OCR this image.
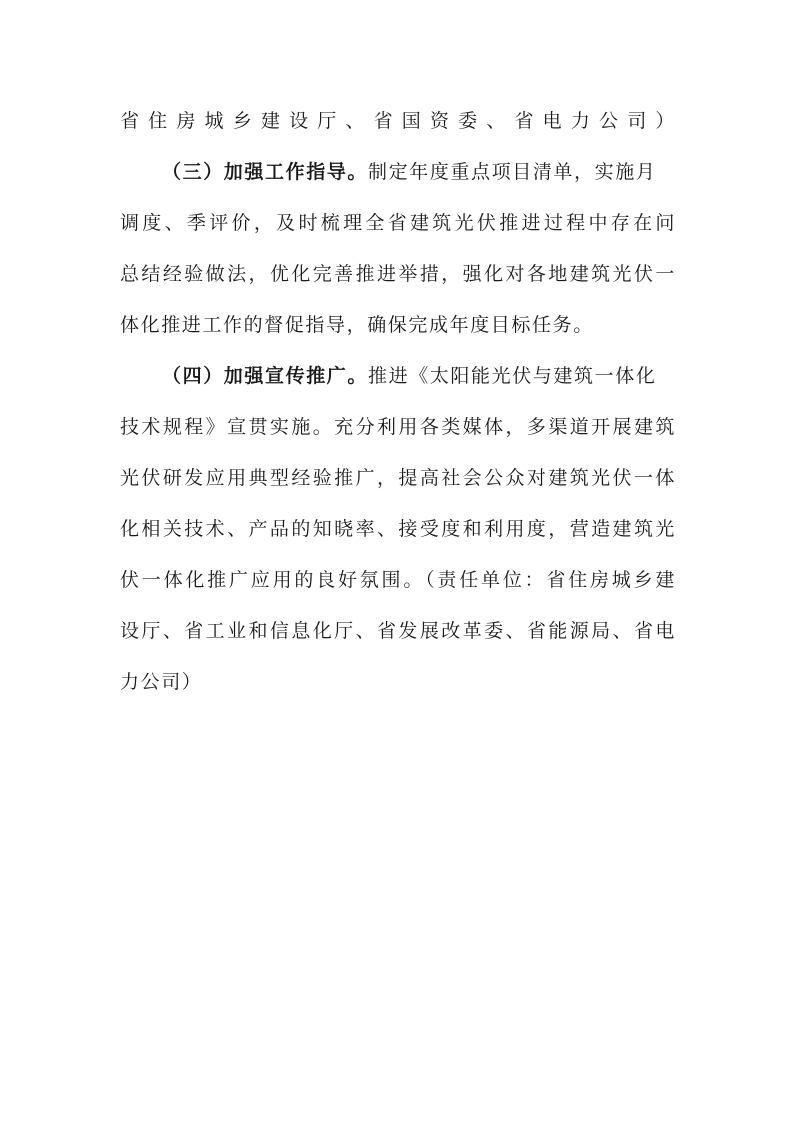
省住房城乡建设厅、省国资委、省电力公司）
（三）加强工作指导。制定年度重点项目清单，实施月
调度、季评价，及时梳理全省建筑光伏推进过程中存在问
总结经验做法，优化完善推进举措，强化对各地建筑光伏一
体化推进工作的督促指导，确保完成年度目标任务。
（四）加强宣传推广。推进《太阳能光伏与建筑一体化
技术规程》宣贯实施。充分利用各类媒体，多渠道开展建筑
光伏研发应用典型经验推广，提高社会公众对建筑光伏一体
化相关技术、产品的知晓率、接受度和利用度，营造建筑光
伏一体化推广应用的良好氛围。（责任单位：省住房城乡建
设厅、省工业和信息化厅、省发展改革委、省能源局、省电
力公司）
